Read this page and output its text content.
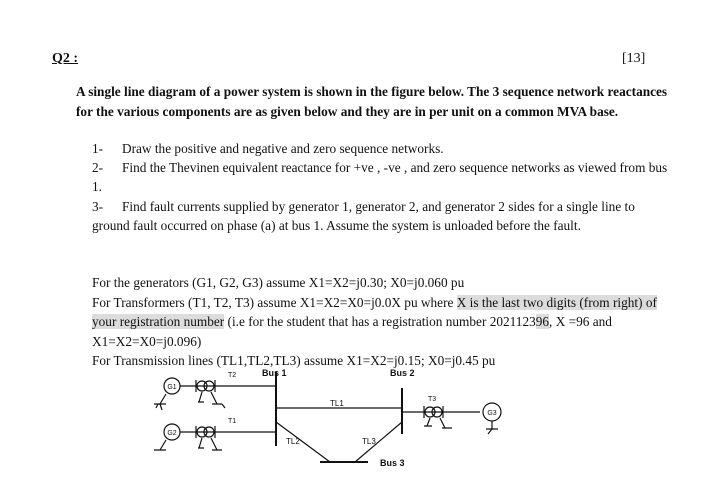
Q2 :	[13]
A single line diagram of a power system is shown in the figure below. The 3 sequence network reactances for the various components are as given below and they are in per unit on a common MVA base.
1- Draw the positive and negative and zero sequence networks.
2- Find the Thevinen equivalent reactance for +ve , -ve , and zero sequence networks as viewed from bus 1.
3- Find fault currents supplied by generator 1, generator 2, and generator 2 sides for a single line to ground fault occurred on phase (a) at bus 1. Assume the system is unloaded before the fault.
For the generators (G1, G2, G3) assume X1=X2=j0.30; X0=j0.060 pu
For Transformers (T1, T2, T3) assume X1=X2=X0=j0.0X pu where X is the last two digits (from right) of your registration number (i.e for the student that has a registration number 202112396, X =96 and X1=X2=X0=j0.096)
For Transmission lines (TL1,TL2,TL3) assume X1=X2=j0.15; X0=j0.45 pu
G1
T2	Bus 1
G2
T1
TL1
Bus 2
T3
G3
TL2	TL3
Bus 3
